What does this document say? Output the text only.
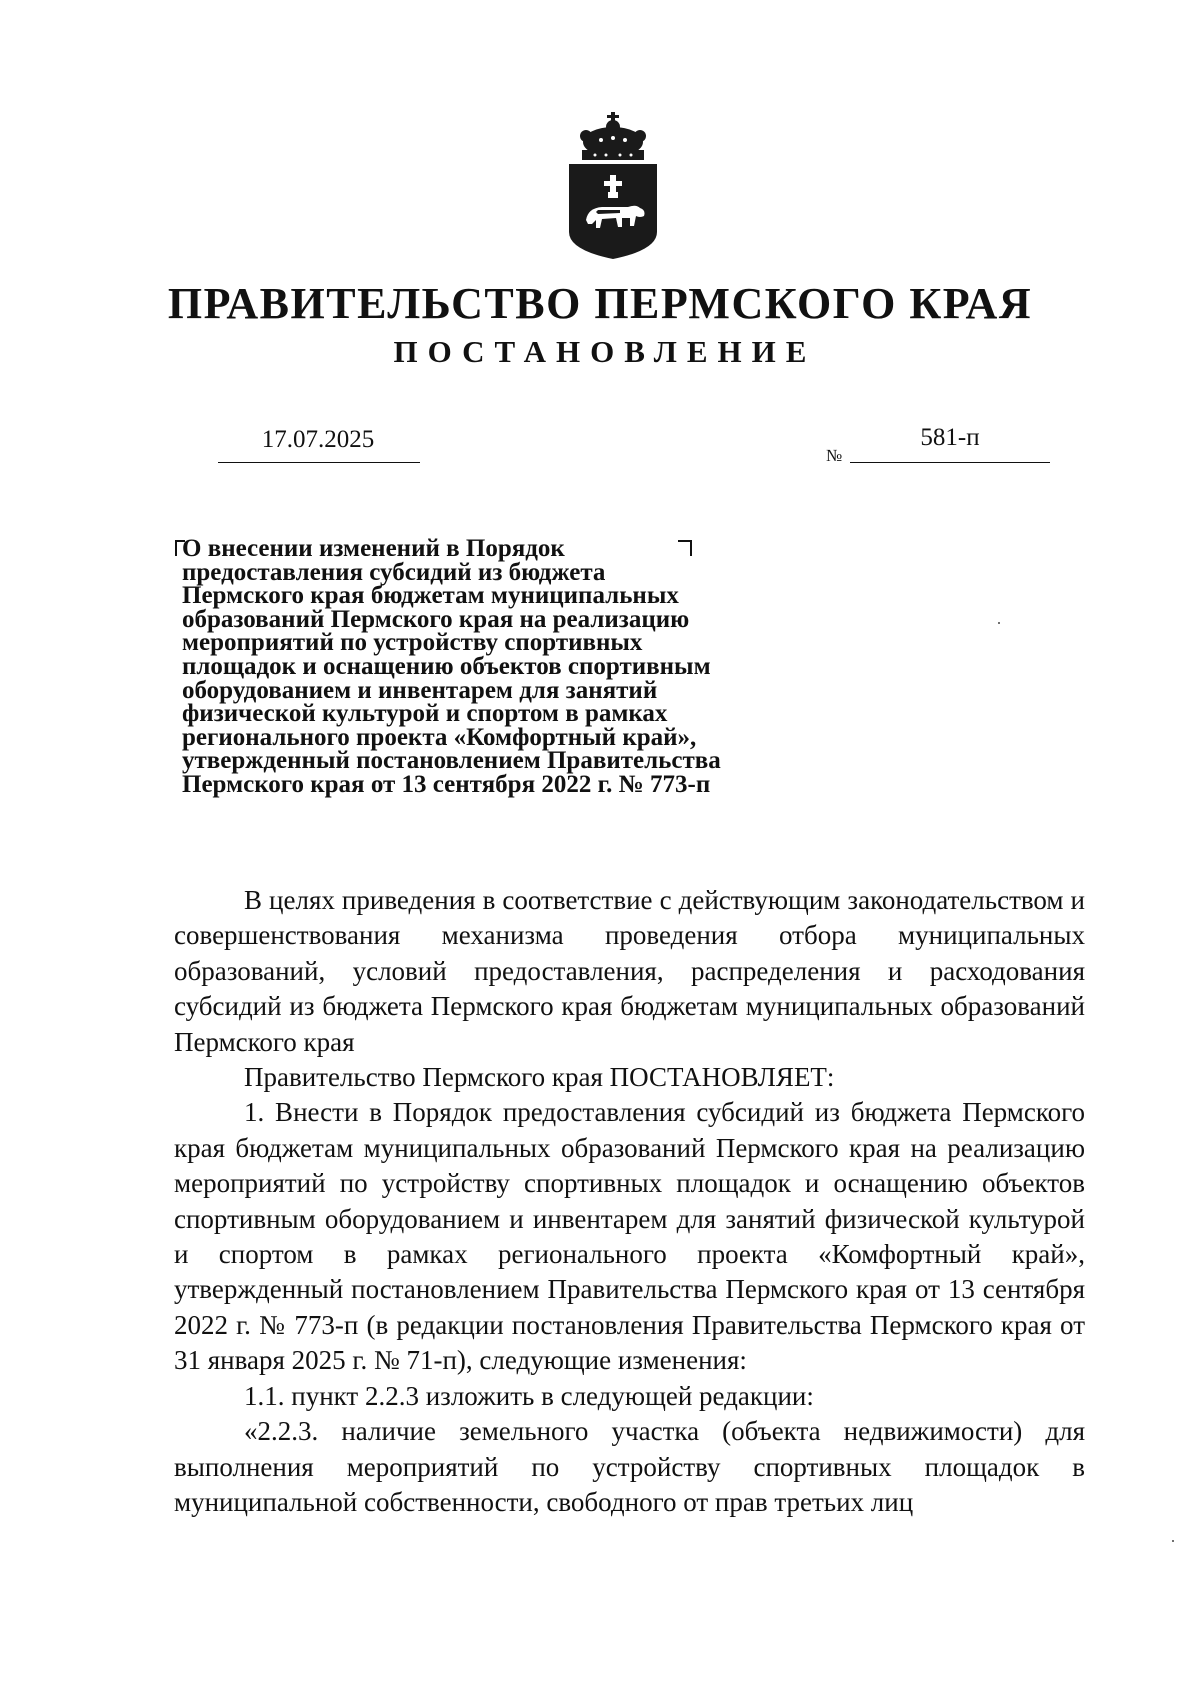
ПРАВИТЕЛЬСТВО ПЕРМСКОГО КРАЯ
ПОСТАНОВЛЕНИЕ
17.07.2025
№
581-п
О внесении изменений в Порядок
предоставления субсидий из бюджета
Пермского края бюджетам муниципальных
образований Пермского края на реализацию
мероприятий по устройству спортивных
площадок и оснащению объектов спортивным
оборудованием и инвентарем для занятий
физической культурой и спортом в рамках
регионального проекта «Комфортный край»,
утвержденный постановлением Правительства
Пермского края от 13 сентября 2022 г. № 773-п

В целях приведения в соответствие с действующим законодательством и совершенствования механизма проведения отбора муниципальных образований, условий предоставления, распределения и расходования субсидий из бюджета Пермского края бюджетам муниципальных образований Пермского края

Правительство Пермского края ПОСТАНОВЛЯЕТ:

1. Внести в Порядок предоставления субсидий из бюджета Пермского края бюджетам муниципальных образований Пермского края на реализацию мероприятий по устройству спортивных площадок и оснащению объектов спортивным оборудованием и инвентарем для занятий физической культурой и спортом в рамках регионального проекта «Комфортный край», утвержденный постановлением Правительства Пермского края от 13 сентября 2022 г. № 773-п (в редакции постановления Правительства Пермского края от 31 января 2025 г. № 71-п), следующие изменения:

1.1. пункт 2.2.3 изложить в следующей редакции:

«2.2.3. наличие земельного участка (объекта недвижимости) для выполнения мероприятий по устройству спортивных площадок в муниципальной собственности, свободного от прав третьих лиц
